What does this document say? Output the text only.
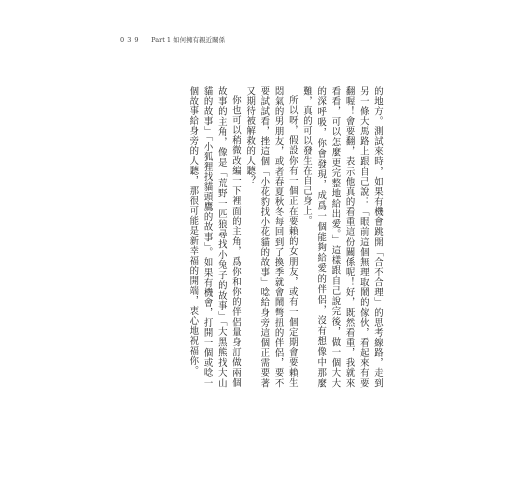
0 3 9 Part 1 如何擁有親近關係

的地方。測試來時，如果有機會跳開「合不合理」的思考線路，走到另一條大馬路上跟自己說：「眼前這個無理取鬧的傢伙，看起來有要翻喔！會要翻，表示他真的看重這份關係呢！好，既然看重，我就來看看，可以怎麼更完整地給出愛。」這樣跟自己說完後，做一個大大的深呼吸，你會發現，成爲一個能夠給愛的伴侶，沒有想像中那麼難，真的可以發生在自己身上。

所以呀，假設你有一個正在要賴的女朋友，或有一個定期會要賴生悶氣的男朋友，或者春夏秋冬每回到了換季就會鬧彆扭的伴侶，要不要試試看，挫這個「小花豹找小花貓的故事」唸給身旁這個正需要著又期待被解救的人聽？

你也可以稍微改編一下裡面的主角，爲你和你的伴侶量身訂做兩個故事的主角，像是「荒野一匹狼尋找小兔子的故事」「大黑熊找大山貓的故事」「小狐狸找貓頭鷹的故事」。如果有機會，打開一個或唸一個故事給身旁的人聽，那很可能是新幸福的開端，衷心地祝福你。
